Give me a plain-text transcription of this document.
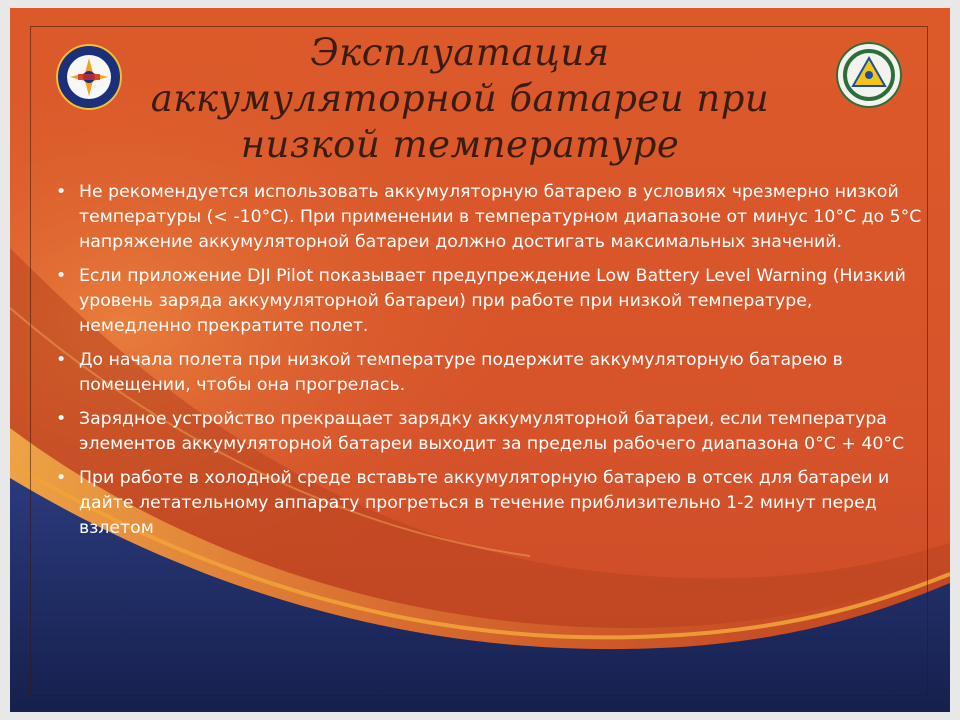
Эксплуатация
аккумуляторной батареи при
низкой температуре
• Не рекомендуется использовать аккумуляторную батарею в условиях чрезмерно низкой температуры (< -10°C). При применении в температурном диапазоне от минус 10°C до 5°C напряжение аккумуляторной батареи должно достигать максимальных значений.
• Если приложение DJI Pilot показывает предупреждение Low Battery Level Warning (Низкий уровень заряда аккумуляторной батареи) при работе при низкой температуре, немедленно прекратите полет.
• До начала полета при низкой температуре подержите аккумуляторную батарею в помещении, чтобы она прогрелась.
• Зарядное устройство прекращает зарядку аккумуляторной батареи, если температура элементов аккумуляторной батареи выходит за пределы рабочего диапазона 0°C + 40°C
• При работе в холодной среде вставьте аккумуляторную батарею в отсек для батареи и дайте летательному аппарату прогреться в течение приблизительно 1-2 минут перед взлетом
